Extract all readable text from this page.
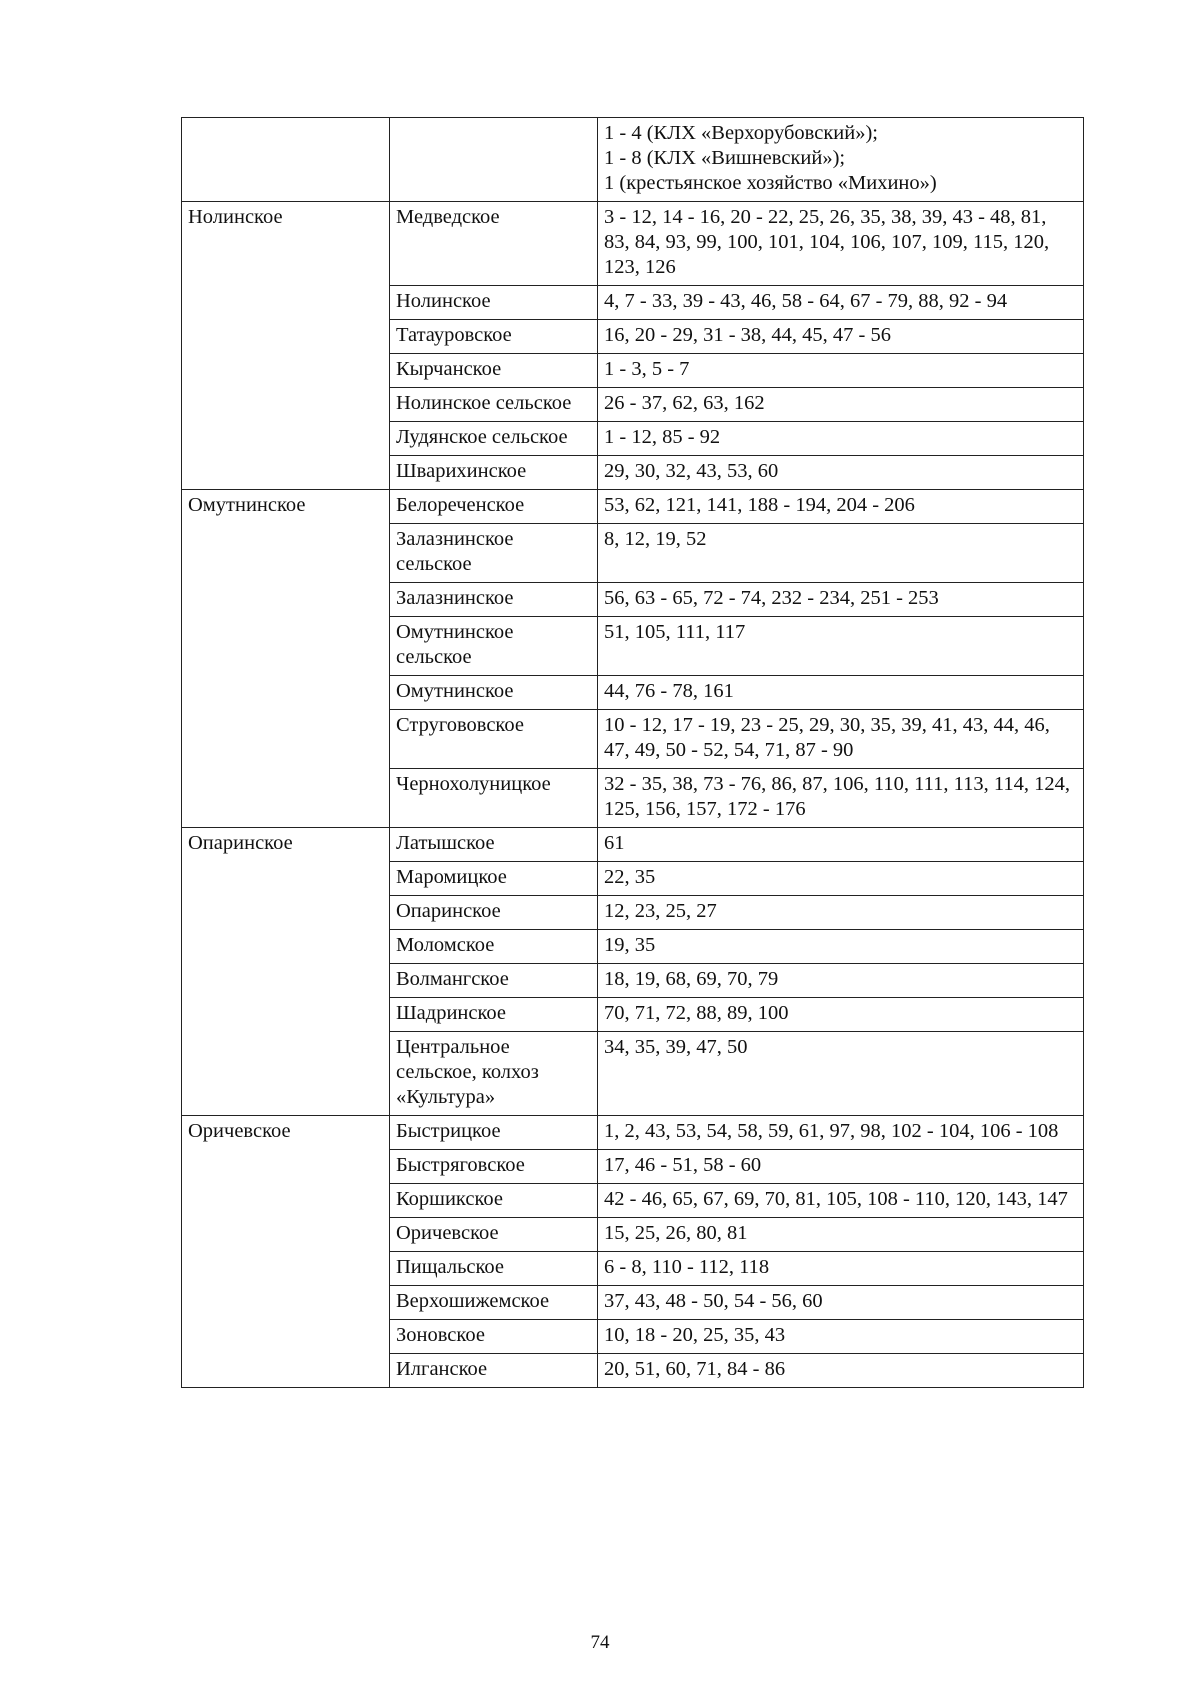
		1 - 4 (КЛХ «Верхорубовский»);
1 - 8 (КЛХ «Вишневский»);
1 (крестьянское хозяйство «Михино»)

Нолинское	Медведское	3 - 12, 14 - 16, 20 - 22, 25, 26, 35, 38, 39, 43 - 48, 81, 83, 84, 93, 99, 100, 101, 104, 106, 107, 109, 115, 120, 123, 126
	Нолинское	4, 7 - 33, 39 - 43, 46, 58 - 64, 67 - 79, 88, 92 - 94
	Татауровское	16, 20 - 29, 31 - 38, 44, 45, 47 - 56
	Кырчанское	1 - 3, 5 - 7
	Нолинское сельское	26 - 37, 62, 63, 162
	Лудянское сельское	1 - 12, 85 - 92
	Шварихинское	29, 30, 32, 43, 53, 60
Омутнинское	Белореченское	53, 62, 121, 141, 188 - 194, 204 - 206
	Залазнинское сельское	8, 12, 19, 52
	Залазнинское	56, 63 - 65, 72 - 74, 232 - 234, 251 - 253
	Омутнинское сельское	51, 105, 111, 117
	Омутнинское	44, 76 - 78, 161
	Стругововское	10 - 12, 17 - 19, 23 - 25, 29, 30, 35, 39, 41, 43, 44, 46, 47, 49, 50 - 52, 54, 71, 87 - 90
	Чернохолуницкое	32 - 35, 38, 73 - 76, 86, 87, 106, 110, 111, 113, 114, 124, 125, 156, 157, 172 - 176
Опаринское	Латышское	61
	Маромицкое	22, 35
	Опаринское	12, 23, 25, 27
	Моломское	19, 35
	Волмангское	18, 19, 68, 69, 70, 79
	Шадринское	70, 71, 72, 88, 89, 100
	Центральное сельское, колхоз «Культура»	34, 35, 39, 47, 50
Оричевское	Быстрицкое	1, 2, 43, 53, 54, 58, 59, 61, 97, 98, 102 - 104, 106 - 108
	Быстряговское	17, 46 - 51, 58 - 60
	Коршикское	42 - 46, 65, 67, 69, 70, 81, 105, 108 - 110, 120, 143, 147
	Оричевское	15, 25, 26, 80, 81
	Пищальское	6 - 8, 110 - 112, 118
	Верхошижемское	37, 43, 48 - 50, 54 - 56, 60
	Зоновское	10, 18 - 20, 25, 35, 43
	Илганское	20, 51, 60, 71, 84 - 86
74
